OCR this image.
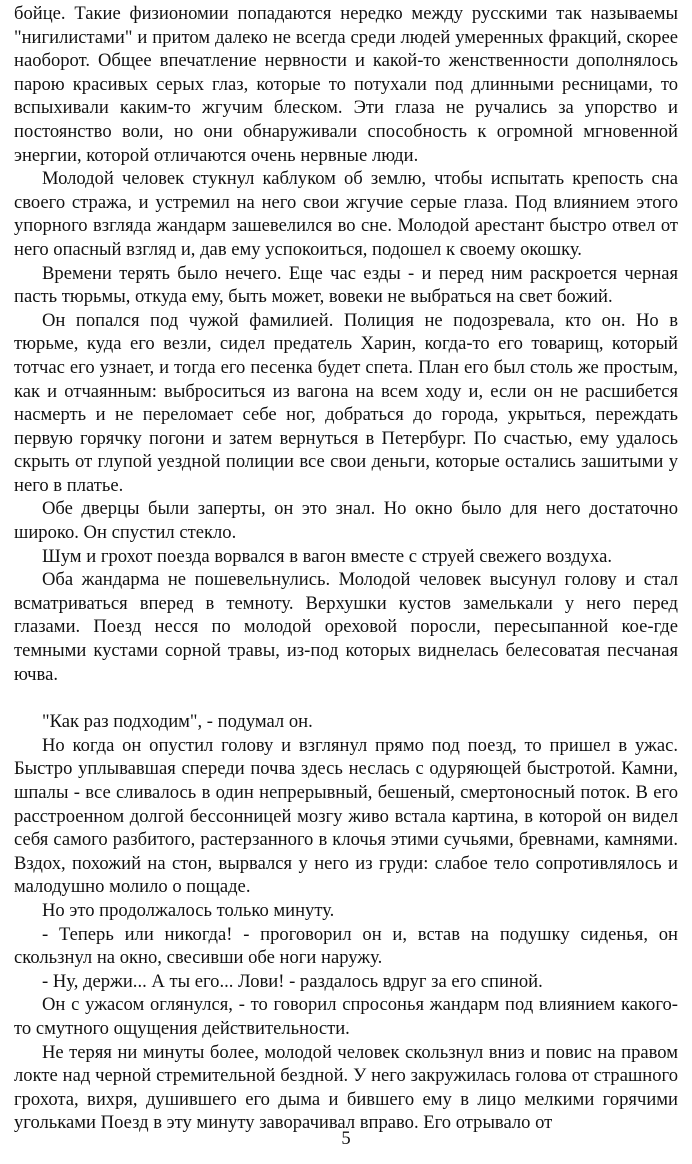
бойце. Такие физиономии попадаются нередко между русскими так называемы "нигилистами" и притом далеко не всегда среди людей умеренных фракций, скорее наоборот. Общее впечатление нервности и какой-то женственности дополнялось парою красивых серых глаз, которые то потухали под длинными ресницами, то вспыхивали каким-то жгучим блеском. Эти глаза не ручались за упорство и постоянство воли, но они обнаруживали способность к огромной мгновенной энергии, которой отличаются очень нервные люди.

Молодой человек стукнул каблуком об землю, чтобы испытать крепость сна своего стража, и устремил на него свои жгучие серые глаза. Под влиянием этого упорного взгляда жандарм зашевелился во сне. Молодой арестант быстро отвел от него опасный взгляд и, дав ему успокоиться, подошел к своему окошку.

Времени терять было нечего. Еще час езды - и перед ним раскроется черная пасть тюрьмы, откуда ему, быть может, вовеки не выбраться на свет божий.

Он попался под чужой фамилией. Полиция не подозревала, кто он. Но в тюрьме, куда его везли, сидел предатель Харин, когда-то его товарищ, который тотчас его узнает, и тогда его песенка будет спета. План его был столь же простым, как и отчаянным: выброситься из вагона на всем ходу и, если он не расшибется насмерть и не переломает себе ног, добраться до города, укрыться, переждать первую горячку погони и затем вернуться в Петербург. По счастью, ему удалось скрыть от глупой уездной полиции все свои деньги, которые остались зашитыми у него в платье.

Обе дверцы были заперты, он это знал. Но окно было для него достаточно широко. Он спустил стекло.

Шум и грохот поезда ворвался в вагон вместе с струей свежего воздуха.

Оба жандарма не пошевельнулись. Молодой человек высунул голову и стал всматриваться вперед в темноту. Верхушки кустов замелькали у него перед глазами. Поезд несся по молодой ореховой поросли, пересыпанной кое-где темными кустами сорной травы, из-под которых виднелась белесоватая песчаная ючва.

"Как раз подходим", - подумал он.

Но когда он опустил голову и взглянул прямо под поезд, то пришел в ужас. Быстро уплывавшая спереди почва здесь неслась с одуряющей быстротой. Камни, шпалы - все сливалось в один непрерывный, бешеный, смертоносный поток. В его расстроенном долгой бессонницей мозгу живо встала картина, в которой он видел себя самого разбитого, растерзанного в клочья этими сучьями, бревнами, камнями. Вздох, похожий на стон, вырвался у него из груди: слабое тело сопротивлялось и малодушно молило о пощаде.

Но это продолжалось только минуту.

- Теперь или никогда! - проговорил он и, встав на подушку сиденья, он скользнул на окно, свесивши обе ноги наружу.

- Ну, держи... А ты его... Лови! - раздалось вдруг за его спиной.

Он с ужасом оглянулся, - то говорил спросонья жандарм под влиянием какого-то смутного ощущения действительности.

Не теряя ни минуты более, молодой человек скользнул вниз и повис на правом локте над черной стремительной бездной. У него закружилась голова от страшного грохота, вихря, душившего его дыма и бившего ему в лицо мелкими горячими угольками Поезд в эту минуту заворачивал вправо. Его отрывало от

5
